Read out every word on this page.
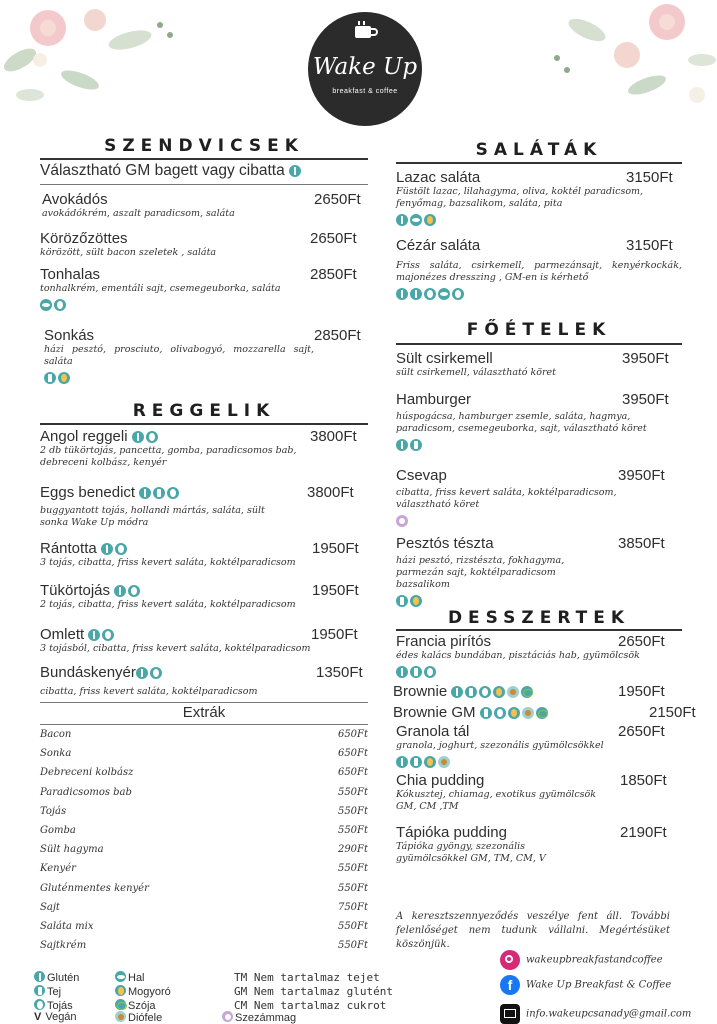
Wake Up
breakfast & coffee
SZENDVICSEK
Választható GM bagett vagy cibatta
Avokádós	2650Ft
avokádókrém, aszalt paradicsom, saláta
Körözőzöttes	2650Ft
körözött, sült bacon szeletek , saláta
Tonhalas	2850Ft
tonhalkrém, ementáli sajt, csemegeuborka, saláta
Sonkás	2850Ft
házi pesztó, prosciuto, olivabogyó, mozzarella sajt, saláta
REGGELIK
Angol reggeli	3800Ft
2 db tükörtojás, pancetta, gomba, paradicsomos bab, debreceni kolbász, kenyér
Eggs benedict	3800Ft
buggyantott tojás, hollandi mártás, saláta, sült sonka Wake Up módra
Rántotta	1950Ft
3 tojás, cibatta, friss kevert saláta, koktélparadicsom
Tükörtojás	1950Ft
2 tojás, cibatta, friss kevert saláta, koktélparadicsom
Omlett	1950Ft
3 tojásból, cibatta, friss kevert saláta, koktélparadicsom
Bundáskenyér	1350Ft
cibatta, friss kevert saláta, koktélparadicsom
Extrák
Bacon	650Ft
Sonka	650Ft
Debreceni kolbász	650Ft
Paradicsomos bab	550Ft
Tojás	550Ft
Gomba	550Ft
Sült hagyma	290Ft
Kenyér	550Ft
Gluténmentes kenyér	550Ft
Sajt	750Ft
Saláta mix	550Ft
Sajtkrém	550Ft
SALÁTÁK
Lazac saláta	3150Ft
Füstölt lazac, lilahagyma, oliva, koktél paradicsom, fenyőmag, bazsalikom, saláta, pita
Cézár saláta	3150Ft
Friss saláta, csirkemell, parmezánsajt, kenyérkockák, majonézes dresszing , GM-en is kérhető
FŐÉTELEK
Sült csirkemell	3950Ft
sült csirkemell, választható köret
Hamburger	3950Ft
húspogácsa, hamburger zsemle, saláta, hagmya, paradicsom, csemegeuborka, sajt, választható köret
Csevap	3950Ft
cibatta, friss kevert saláta, koktélparadicsom, választható köret
Pesztós tészta	3850Ft
házi pesztó, rizstészta, fokhagyma, parmezán sajt, koktélparadicsom bazsalikom
DESSZERTEK
Francia pirítós	2650Ft
édes kalács bundában, pisztáciás hab, gyümölcsök
Brownie	1950Ft
Brownie GM	2150Ft
Granola tál	2650Ft
granola, joghurt, szezonális gyümölcsökkel
Chia pudding	1850Ft
Kókusztej, chiamag, exotikus gyümölcsök GM, CM ,TM
Tápióka pudding	2190Ft
Tápióka gyöngy, szezonális gyümölcsökkel GM, TM, CM, V
A keresztszennyeződés veszélye fent áll. További felenlőséget nem tudunk vállalni. Megértésüket köszönjük.
Glutén
Tej
Tojás
V Vegán
Hal
Mogyoró
Szója
Diófele
TM Nem tartalmaz tejet
GM Nem tartalmaz glutént
CM Nem tartalmaz cukrot
Szezámmag
wakeupbreakfastandcoffee
f Wake Up Breakfast & Coffee
info.wakeupcsanady@gmail.com
